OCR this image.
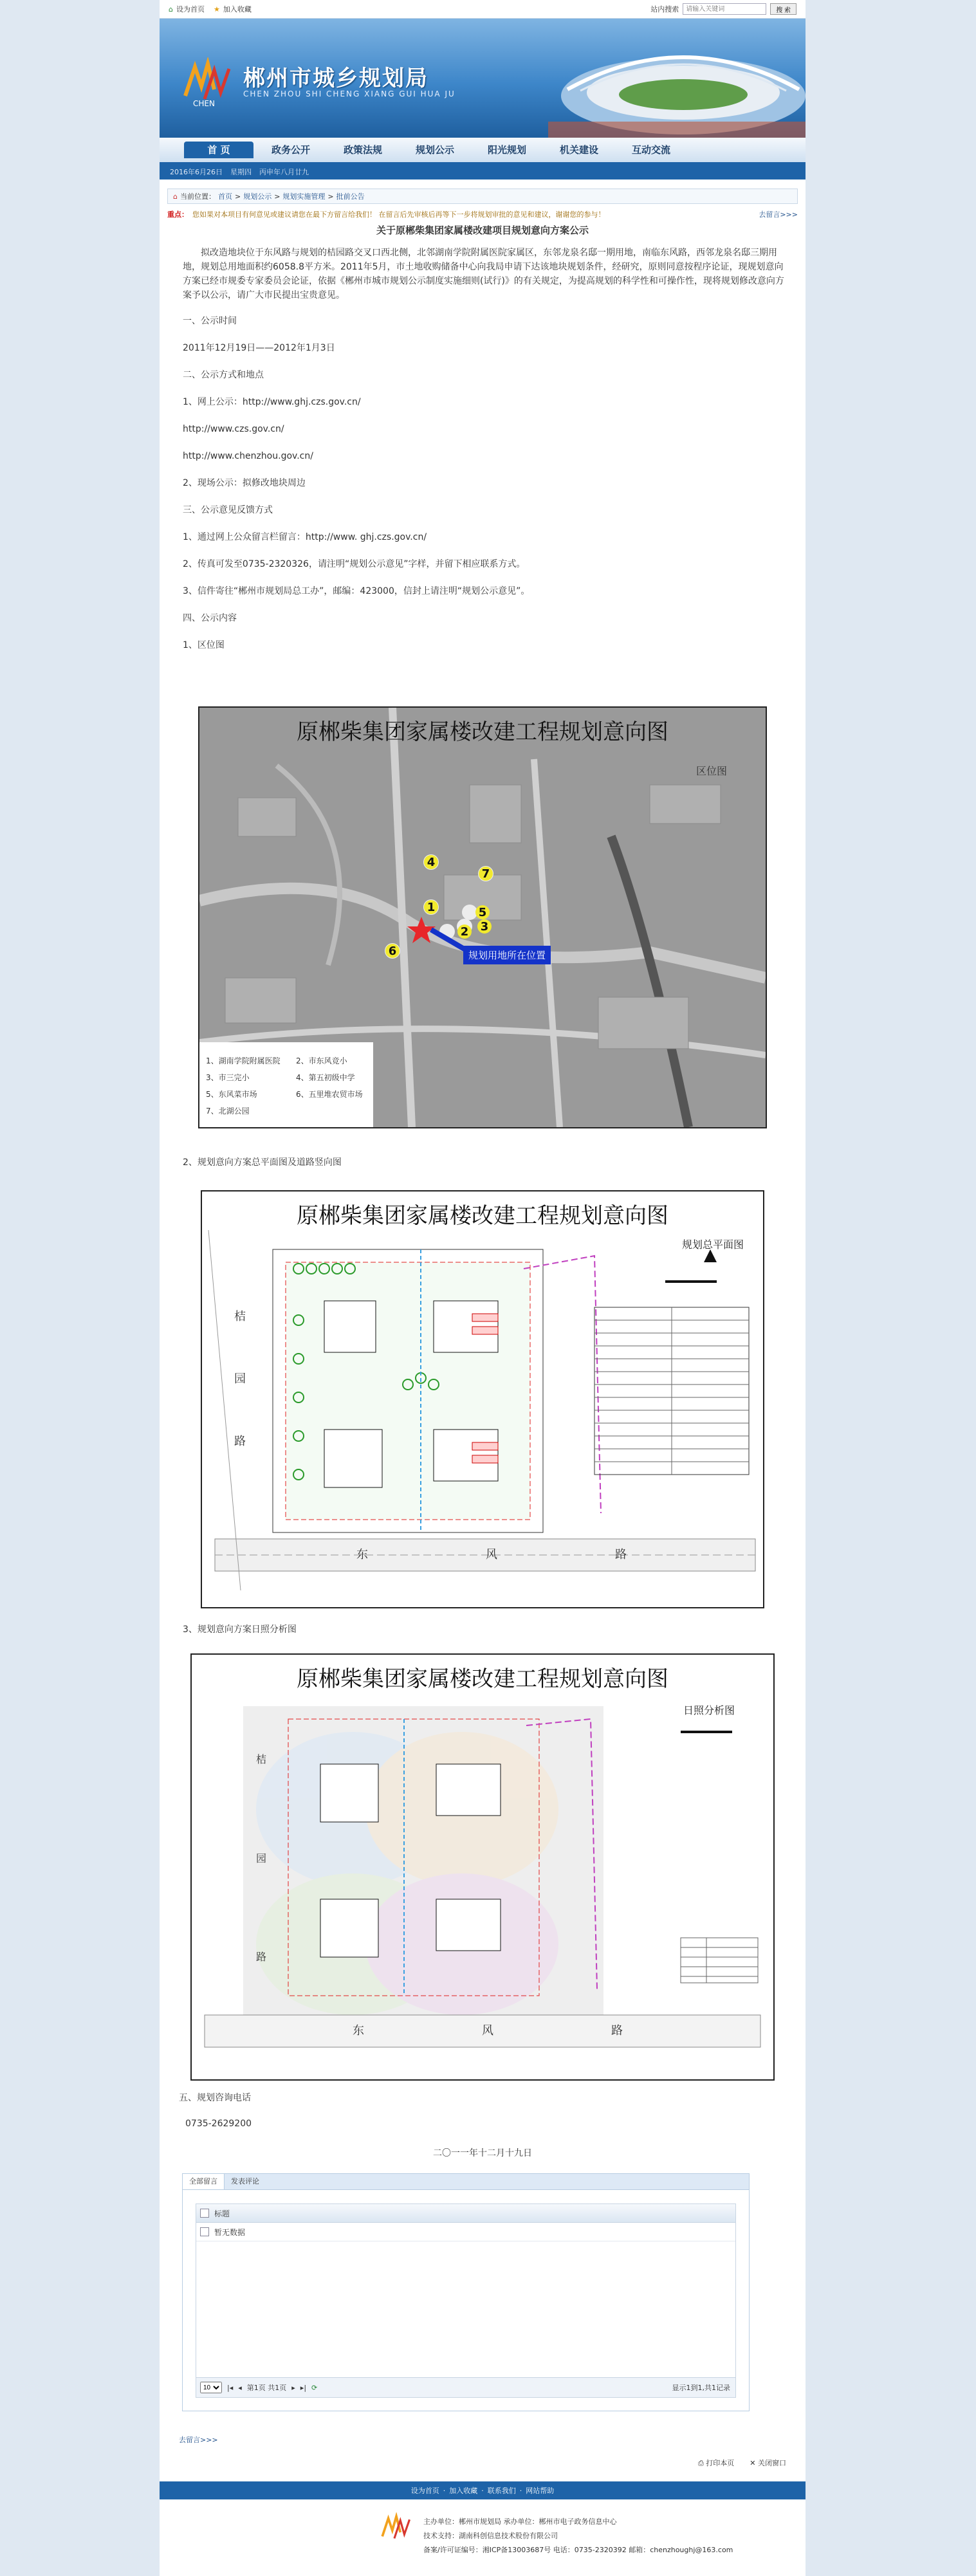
⌂ 设为首页 ★ 加入收藏	站内搜索
请输入关键词	搜 索
CHEN
郴州市城乡规划局
CHEN ZHOU SHI CHENG XIANG GUI HUA JU
首 页	政务公开	政策法规	规划公示	阳光规划	机关建设	互动交流
2016年6月26日 星期四 丙申年八月廿九
⌂ 当前位置： 首页 > 规划公示 > 规划实施管理 > 批前公告
重点： 您如果对本项目有何意见或建议请您在最下方留言给我们！ 在留言后先审核后再等下一步将规划审批的意见和建议，谢谢您的参与！	去留言>>>
关于原郴柴集团家属楼改建项目规划意向方案公示
拟改造地块位于东风路与规划的桔园路交叉口西北侧，北邻湖南学院附属医院家属区，东邻龙泉名邸一期用地，南临东风路，西邻龙泉名邸三期用地，规划总用地面积约6058.8平方米。2011年5月，市土地收购储备中心向我局申请下达该地块规划条件，经研究，原则同意按程序论证，现规划意向方案已经市规委专家委员会论证，依据《郴州市城市规划公示制度实施细则(试行)》的有关规定，为提高规划的科学性和可操作性，现将规划修改意向方案予以公示，请广大市民提出宝贵意见。
一、公示时间
2011年12月19日——2012年1月3日
二、公示方式和地点
1、网上公示：http://www.ghj.czs.gov.cn/
http://www.czs.gov.cn/
http://www.chenzhou.gov.cn/
2、现场公示：拟修改地块周边
三、公示意见反馈方式
1、通过网上公众留言栏留言：http://www. ghj.czs.gov.cn/
2、传真可发至0735-2320326，请注明“规划公示意见”字样，并留下相应联系方式。
3、信件寄往“郴州市规划局总工办”，邮编：423000，信封上请注明“规划公示意见”。
四、公示内容
1、区位图
1
2 3
4
5
6
7
原郴柴集团家属楼改建工程规划意向图
区位图
规划用地所在位置
1、湖南学院附属医院	2、市东风竞小
3、市三完小	4、第五初级中学
5、东风菜市场	6、五里堆农贸市场
7、北湖公园
2、规划意向方案总平面图及道路竖向图
原郴柴集团家属楼改建工程规划意向图
规划总平面图
东	风	路
桔
园
路
3、规划意向方案日照分析图
原郴柴集团家属楼改建工程规划意向图
日照分析图
东	风	路
桔
园
路
五、规划咨询电话
0735-2629200
二〇一一年十二月十九日
全部留言	发表评论
标题
暂无数据
10
|◂ ◂ 第1页 共1页 ▸ ▸| ⟳	显示1到1,共1记录
去留言>>>
⎙ 打印本页 ✕ 关闭窗口
设为首页 · 加入收藏 · 联系我们 · 网站帮助
主办单位：郴州市规划局 承办单位：郴州市电子政务信息中心
技术支持：湖南科创信息技术股份有限公司
备案/许可证编号：湘ICP备13003687号 电话：0735-2320392 邮箱：chenzhoughj@163.com
